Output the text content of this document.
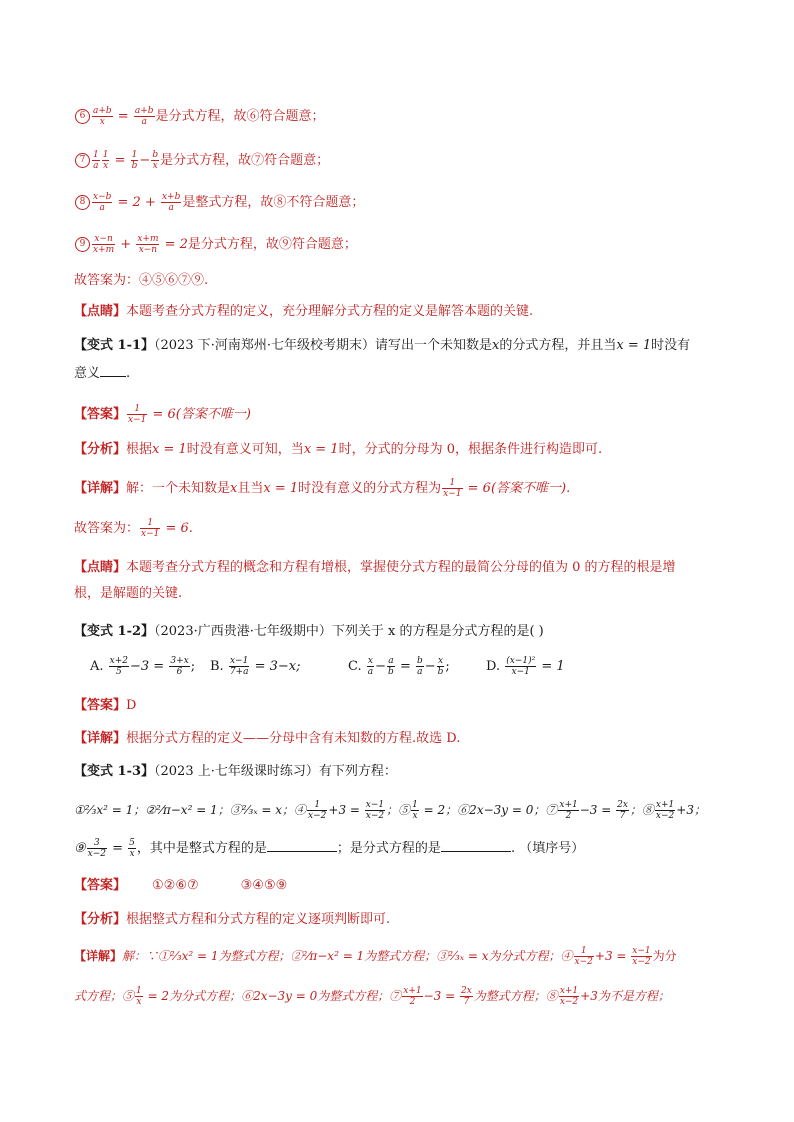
$6 \frac{a+b}{x} = \frac{a+b}{a}$ 是分式方程，故⑥符合题意；
$7 \frac{1}{a} \frac{1}{x} = \frac{1}{b} - \frac{b}{x}$ 是分式方程，故⑦符合题意；
$8 \frac{x-b}{a} = 2 + \frac{x+b}{a}$ 是整式方程，故⑧不符合题意；
$9 \frac{x-n}{x+m} + \frac{x+m}{x-n} = 2$是分式方程，故⑨符合题意；
故答案为：④⑤⑥⑦⑨.
【点睛】本题考查分式方程的定义，充分理解分式方程的定义是解答本题的关键.
【变式 1-1】（2023 下·河南郑州·七年级校考期末）请写出一个未知数是x的分式方程，并且当x = 1时没有
意义 .
【答案】 $\frac{1}{x-1} = 6$(答案不唯一)
【分析】根据x = 1时没有意义可知，当x = 1时，分式的分母为 0，根据条件进行构造即可.
【详解】解：一个未知数是x且当x = 1时没有意义的分式方程为 $\frac{1}{x-1} = 6$(答案不唯一).
故答案为： $\frac{1}{x-1} = 6$.
【点睛】本题考查分式方程的概念和方程有增根，掌握使分式方程的最简公分母的值为 0 的方程的根是增
根，是解题的关键.
【变式 1-2】（2023·广西贵港·七年级期中）下列关于 x 的方程是分式方程的是( )
A. $\frac{x+2}{5} -3 = \frac{3+x}{6}$ ; B. $\frac{x-1}{7+a} = 3-x$;	C. $\frac{x}{a} - \frac{a}{b} = \frac{b}{a} - \frac{x}{b}$ ;	D. $\frac{\text{(x−1)²}}{x-1} = 1$
【答案】D
【详解】根据分式方程的定义——分母中含有未知数的方程.故选 D.
【变式 1-3】（2023 上·七年级课时练习）有下列方程：
①⅔x² = 1；②²⁄π−x² = 1；③²⁄₃ₓ = x；④ $\frac{1}{x-2} +3 = \frac{x-1}{x-2}$ ；⑤ $\frac{1}{x} = 2$；⑥2x−3y = 0；⑦ $\frac{x+1}{2} -3 = \frac{2x}{7}$ ；⑧ $\frac{x+1}{x-2} +3$；
⑨ $\frac{3}{x-2} = \frac{5}{x}$ ，其中是整式方程的是	；是分式方程的是	. （填序号）
【答案】 ①②⑥⑦	③④⑤⑨
【分析】根据整式方程和分式方程的定义逐项判断即可.
【详解】解：∵①⅔x² = 1为整式方程；②²⁄π−x² = 1为整式方程；③²⁄₃ₓ = x为分式方程；④ $\frac{1}{x-2} +3 = \frac{x-1}{x-2}$ 为分
式方程；⑤ $\frac{1}{x} = 2$为分式方程；⑥2x−3y = 0为整式方程；⑦ $\frac{x+1}{2} -3 = \frac{2x}{7}$ 为整式方程；⑧ $\frac{x+1}{x-2} +3$为不是方程；
